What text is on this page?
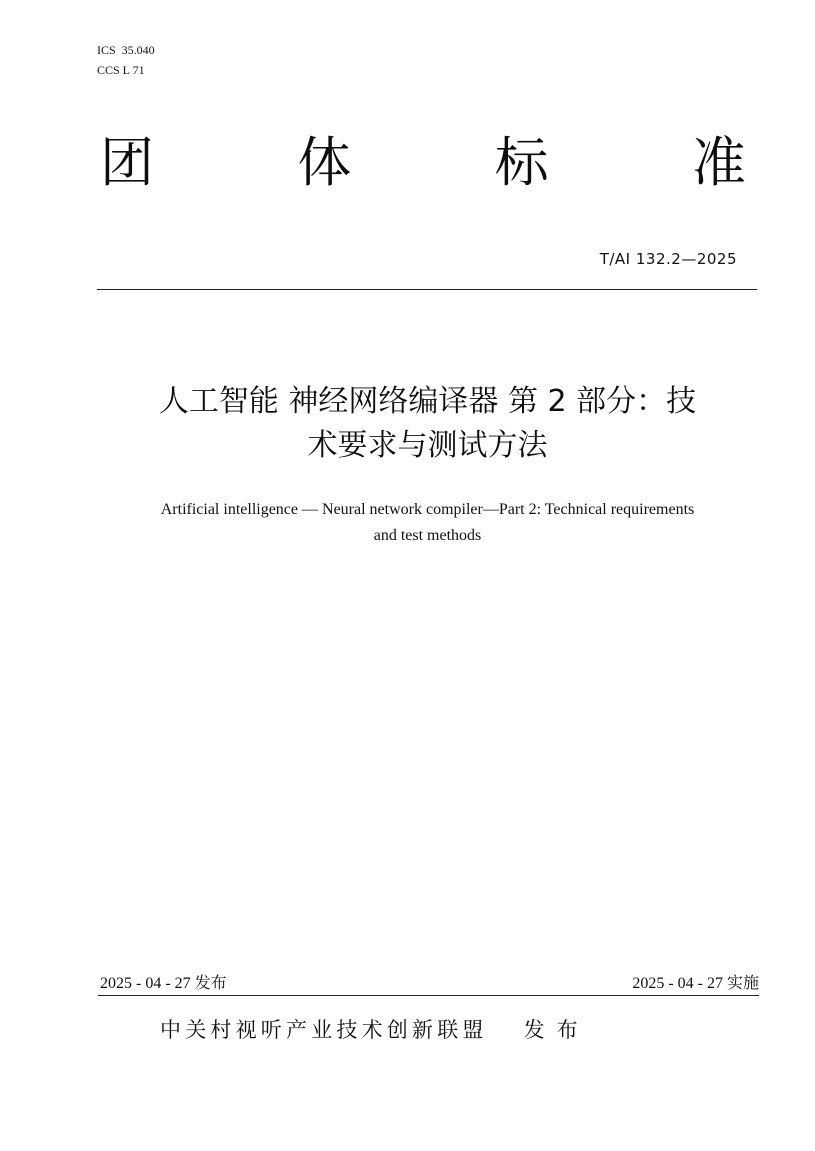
ICS  35.040
CCS L 71
团	体	标	准
T/AI 132.2—2025
人工智能 神经网络编译器 第 2 部分：技
术要求与测试方法
Artificial intelligence — Neural network compiler—Part 2: Technical requirements
and test methods
2025 - 04 - 27 发布	2025 - 04 - 27 实施
中关村视听产业技术创新联盟 发布
